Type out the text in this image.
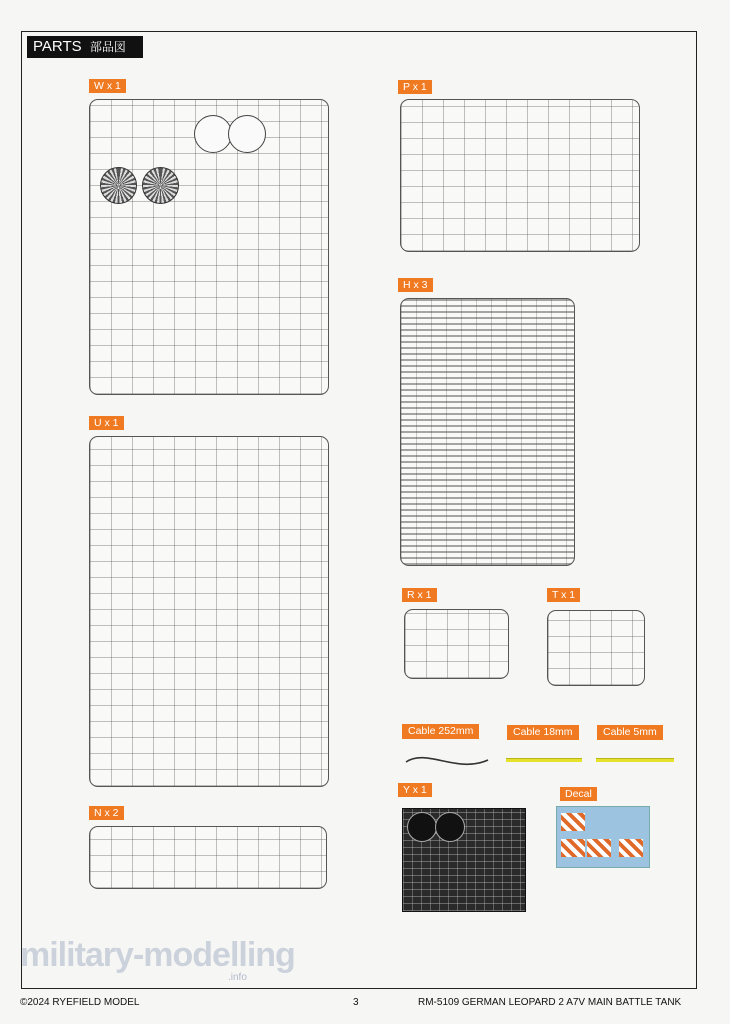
PARTS 部品図
W x 1	P x 1
H x 3
U x 1
R x 1	T x 1
N x 2
Cable 252mm	Cable 18mm	Cable 5mm
Y x 1	Decal
military-modelling
.info
©2024 RYEFIELD MODEL	3	RM-5109 GERMAN LEOPARD 2 A7V MAIN BATTLE TANK
